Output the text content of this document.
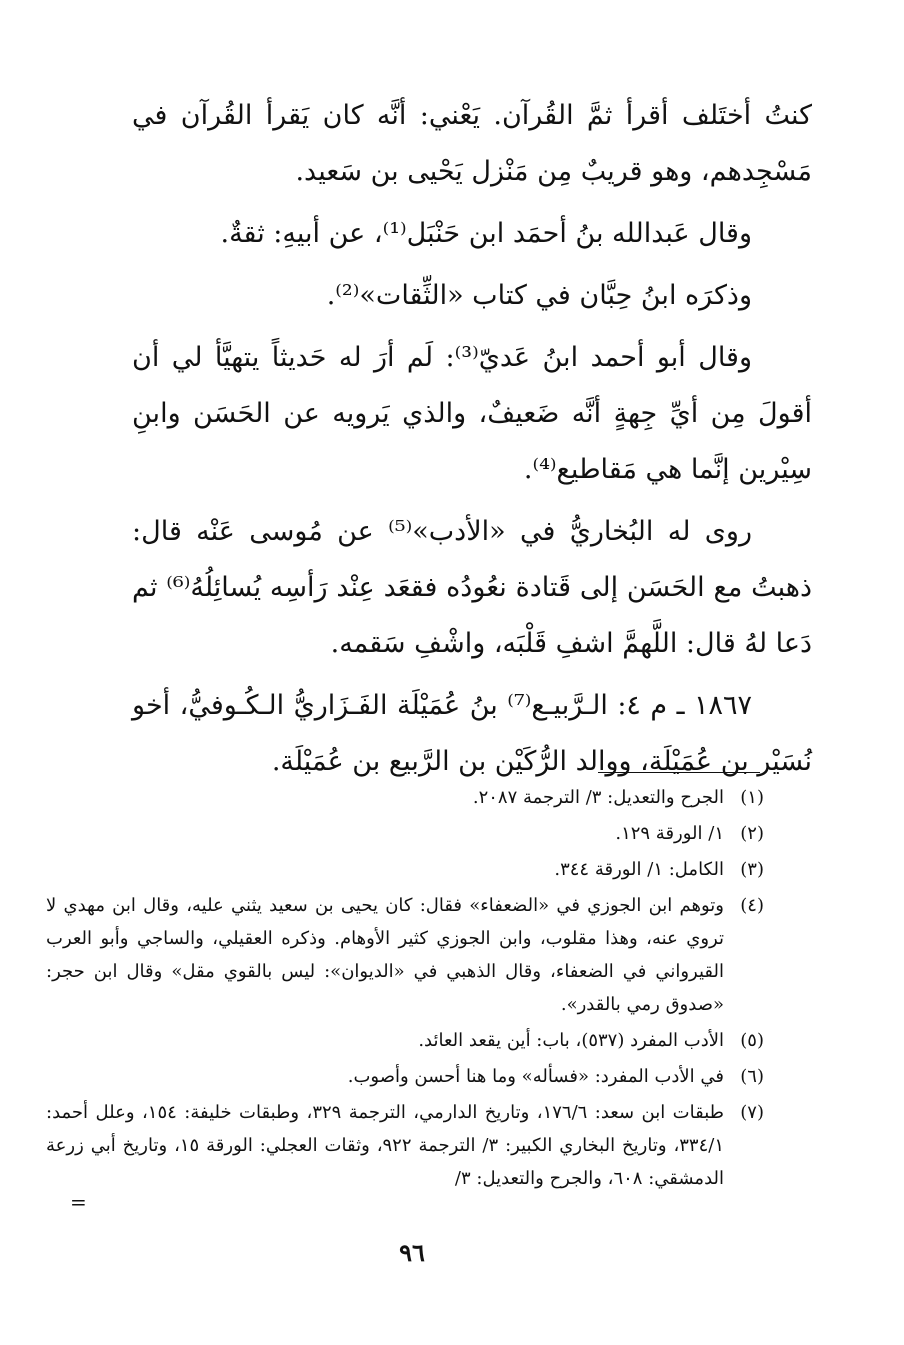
كنتُ أختَلف أقرأ ثمَّ القُرآن. يَعْني: أنَّه كان يَقرأ القُرآن في مَسْجِدهم، وهو قريبٌ مِن مَنْزل يَحْيى بن سَعيد.

وقال عَبدالله بنُ أحمَد ابن حَنْبَل⁽¹⁾، عن أبيهِ: ثقةٌ.

وذكرَه ابنُ حِبَّان في كتاب «الثِّقات»⁽²⁾.

وقال أبو أحمد ابنُ عَديّ⁽³⁾: لَم أرَ له حَديثاً يتهيَّأ لي أن أقولَ مِن أيِّ جِهةٍ أنَّه ضَعيفٌ، والذي يَرويه عن الحَسَن وابنِ سِيْرين إنَّما هي مَقاطيع⁽⁴⁾.

روى له البُخاريُّ في «الأدب»⁽⁵⁾ عن مُوسى عَنْه قال: ذهبتُ مع الحَسَن إلى قَتادة نعُودُه فقعَد عِنْد رَأسِه يُسائِلُهُ⁽⁶⁾ ثم دَعا لهُ قال: اللَّهمَّ اشفِ قَلْبَه، واشْفِ سَقمه.

١٨٦٧ ـ م ٤: الـرَّبيـع⁽⁷⁾ بنُ عُمَيْلَة الفَـزَاريُّ الـكُـوفيُّ، أخو نُسَيْر بن عُمَيْلَة، ووالد الرُّكَيْن بن الرَّبيع بن عُمَيْلَة.

(١)
الجرح والتعديل: ٣/ الترجمة ٢٠٨٧.
(٢)
١/ الورقة ١٢٩.
(٣)
الكامل: ١/ الورقة ٣٤٤.
(٤)
وتوهم ابن الجوزي في «الضعفاء» فقال: كان يحيى بن سعيد يثني عليه، وقال ابن مهدي لا تروي عنه، وهذا مقلوب، وابن الجوزي كثير الأوهام. وذكره العقيلي، والساجي وأبو العرب القيرواني في الضعفاء، وقال الذهبي في «الديوان»: ليس بالقوي مقل» وقال ابن حجر: «صدوق رمي بالقدر».
(٥)
الأدب المفرد (٥٣٧)، باب: أين يقعد العائد.
(٦)
في الأدب المفرد: «فسأله» وما هنا أحسن وأصوب.
(٧)
طبقات ابن سعد: ١٧٦/٦، وتاريخ الدارمي، الترجمة ٣٢٩، وطبقات خليفة: ١٥٤، وعلل أحمد: ٣٣٤/١، وتاريخ البخاري الكبير: ٣/ الترجمة ٩٢٢، وثقات العجلي: الورقة ١٥، وتاريخ أبي زرعة الدمشقي: ٦٠٨، والجرح والتعديل: ٣/
=
٩٦
